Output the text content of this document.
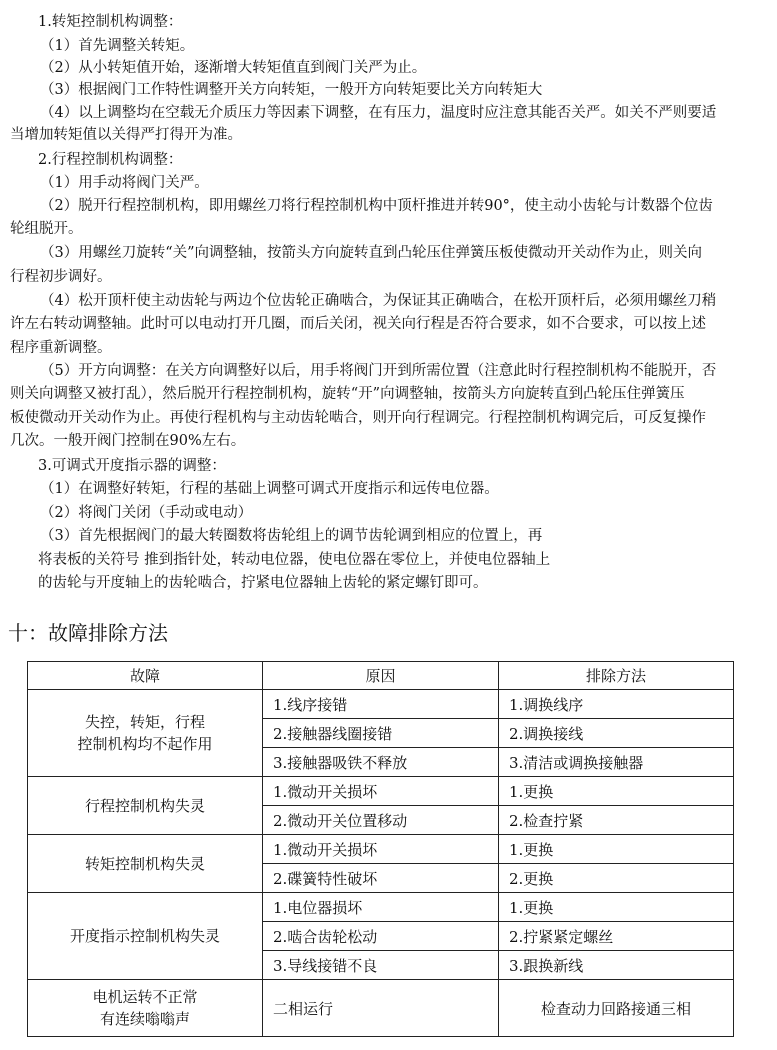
1.转矩控制机构调整：
（1）首先调整关转矩。
（2）从小转矩值开始，逐渐增大转矩值直到阀门关严为止。
（3）根据阀门工作特性调整开关方向转矩，一般开方向转矩要比关方向转矩大
（4）以上调整均在空载无介质压力等因素下调整，在有压力，温度时应注意其能否关严。如关不严则要适
当增加转矩值以关得严打得开为准。
2.行程控制机构调整：
（1）用手动将阀门关严。
（2）脱开行程控制机构，即用螺丝刀将行程控制机构中顶杆推进并转90°，使主动小齿轮与计数器个位齿
轮组脱开。
（3）用螺丝刀旋转“关”向调整轴，按箭头方向旋转直到凸轮压住弹簧压板使微动开关动作为止，则关向
行程初步调好。
（4）松开顶杆使主动齿轮与两边个位齿轮正确啮合，为保证其正确啮合，在松开顶杆后，必须用螺丝刀稍
许左右转动调整轴。此时可以电动打开几圈，而后关闭，视关向行程是否符合要求，如不合要求，可以按上述
程序重新调整。
（5）开方向调整：在关方向调整好以后，用手将阀门开到所需位置（注意此时行程控制机构不能脱开，否
则关向调整又被打乱），然后脱开行程控制机构，旋转“开”向调整轴，按箭头方向旋转直到凸轮压住弹簧压
板使微动开关动作为止。再使行程机构与主动齿轮啮合，则开向行程调完。行程控制机构调完后，可反复操作
几次。一般开阀门控制在90%左右。
3.可调式开度指示器的调整：
（1）在调整好转矩，行程的基础上调整可调式开度指示和远传电位器。
（2）将阀门关闭（手动或电动）
（3）首先根据阀门的最大转圈数将齿轮组上的调节齿轮调到相应的位置上，再
将表板的关符号 推到指针处，转动电位器，使电位器在零位上，并使电位器轴上
的齿轮与开度轴上的齿轮啮合，拧紧电位器轴上齿轮的紧定螺钉即可。
十：故障排除方法
故障	原因	排除方法

失控，转矩，行程
控制机构均不起作用	1.线序接错	1.调换线序
	2.接触器线圈接错	2.调换接线
	3.接触器吸铁不释放	3.清洁或调换接触器

行程控制机构失灵	1.微动开关损坏	1.更换
	2.微动开关位置移动	2.检查拧紧

转矩控制机构失灵	1.微动开关损坏	1.更换
	2.碟簧特性破坏	2.更换

开度指示控制机构失灵	1.电位器损坏	1.更换
	2.啮合齿轮松动	2.拧紧紧定螺丝
	3.导线接错不良	3.跟换新线

电机运转不正常
有连续嗡嗡声	二相运行	检查动力回路接通三相
